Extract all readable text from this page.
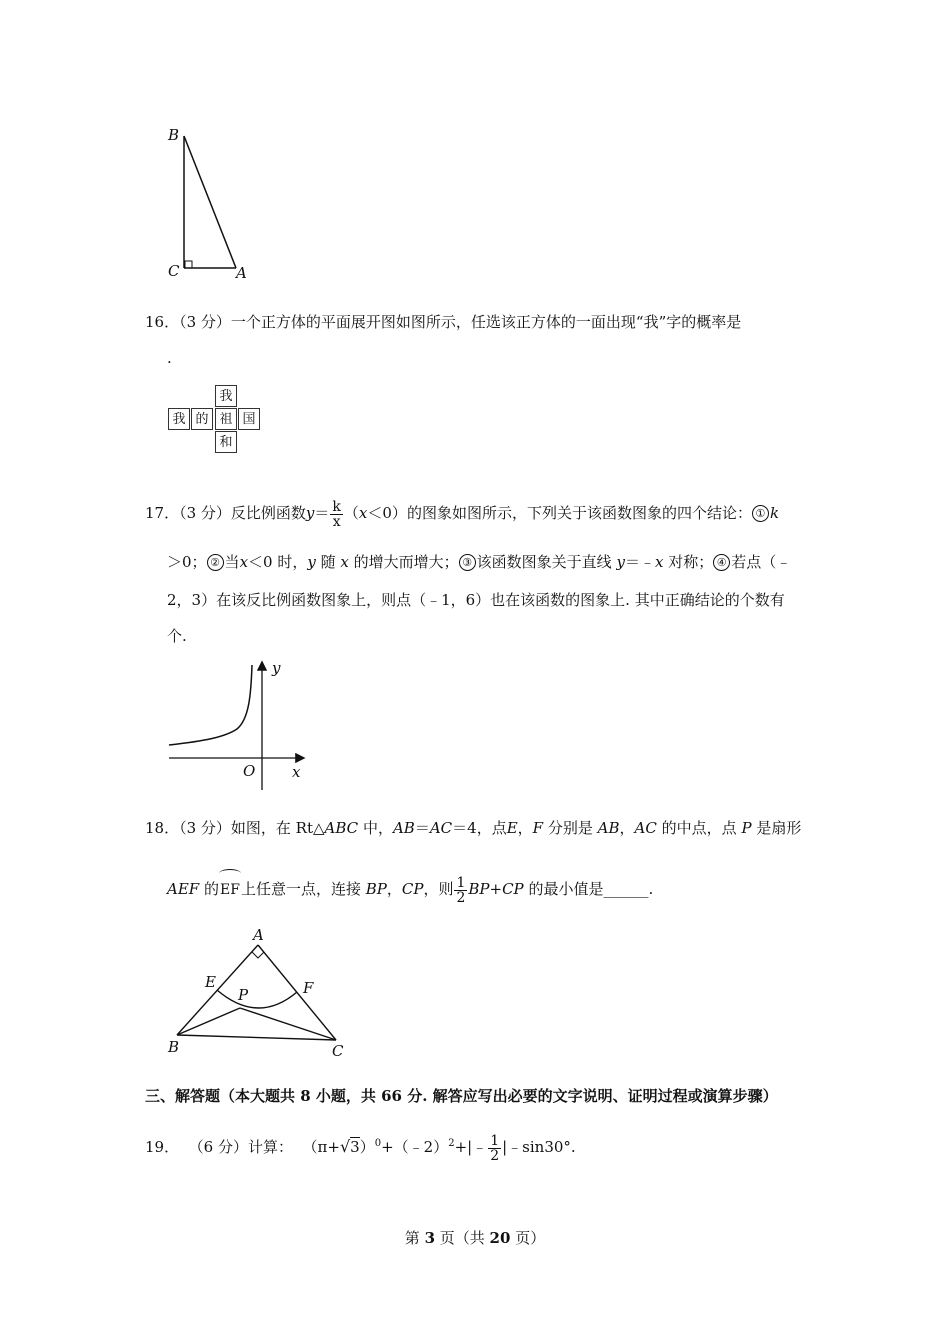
B
C	A
16．（3 分）一个正方体的平面展开图如图所示，任选该正方体的一面出现“我”字的概率是
.
我
我 的 祖 国
和
17．（3 分）反比例函数$y= \frac{k}{x} (x<0)$的图象如图所示，下列关于该函数图象的四个结论： ① k
＞0； ② 当x＜0 时，y 随 x 的增大而增大； ③ 该函数图象关于直线 y＝﹣x 对称； ④ 若点（﹣
2，3）在该反比例函数图象上，则点（﹣1，6）也在该函数的图象上. 其中正确结论的个数有
个.
y
O x
18．（3 分）如图，在 Rt△ABC 中，AB＝AC＝4，点E，F 分别是 AB，AC 的中点，点 P 是扇形
AEF 的
EF上任意一点，连接 BP，CP，则 $\frac{1}{2} BP+CP$ 的最小值是______.
A
E
P	F
B	C
三、解答题（本大题共 8 小题，共 66 分. 解答应写出必要的文字说明、证明过程或演算步骤）
19． （6 分）计算： $(\pi+√3)^0+(﹣2)^2+|﹣ \frac{1}{2}$ |﹣sin30°.
第 3 页（共 20 页）
